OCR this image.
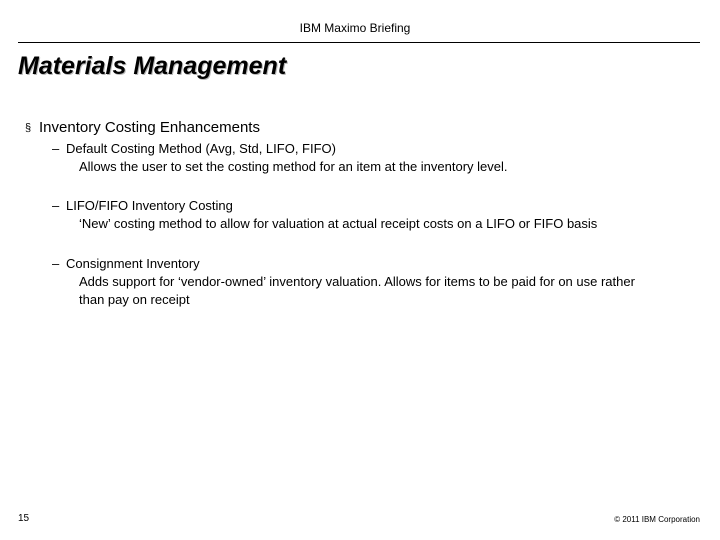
IBM Maximo Briefing
Materials Management
§ Inventory Costing Enhancements
– Default Costing Method (Avg, Std, LIFO, FIFO)
Allows the user to set the costing method for an item at the inventory level.
– LIFO/FIFO Inventory Costing
‘New’ costing method to allow for valuation at actual receipt costs on a LIFO or FIFO basis
– Consignment Inventory
Adds support for ‘vendor-owned’ inventory valuation. Allows for items to be paid for on use rather than pay on receipt
15	© 2011 IBM Corporation
